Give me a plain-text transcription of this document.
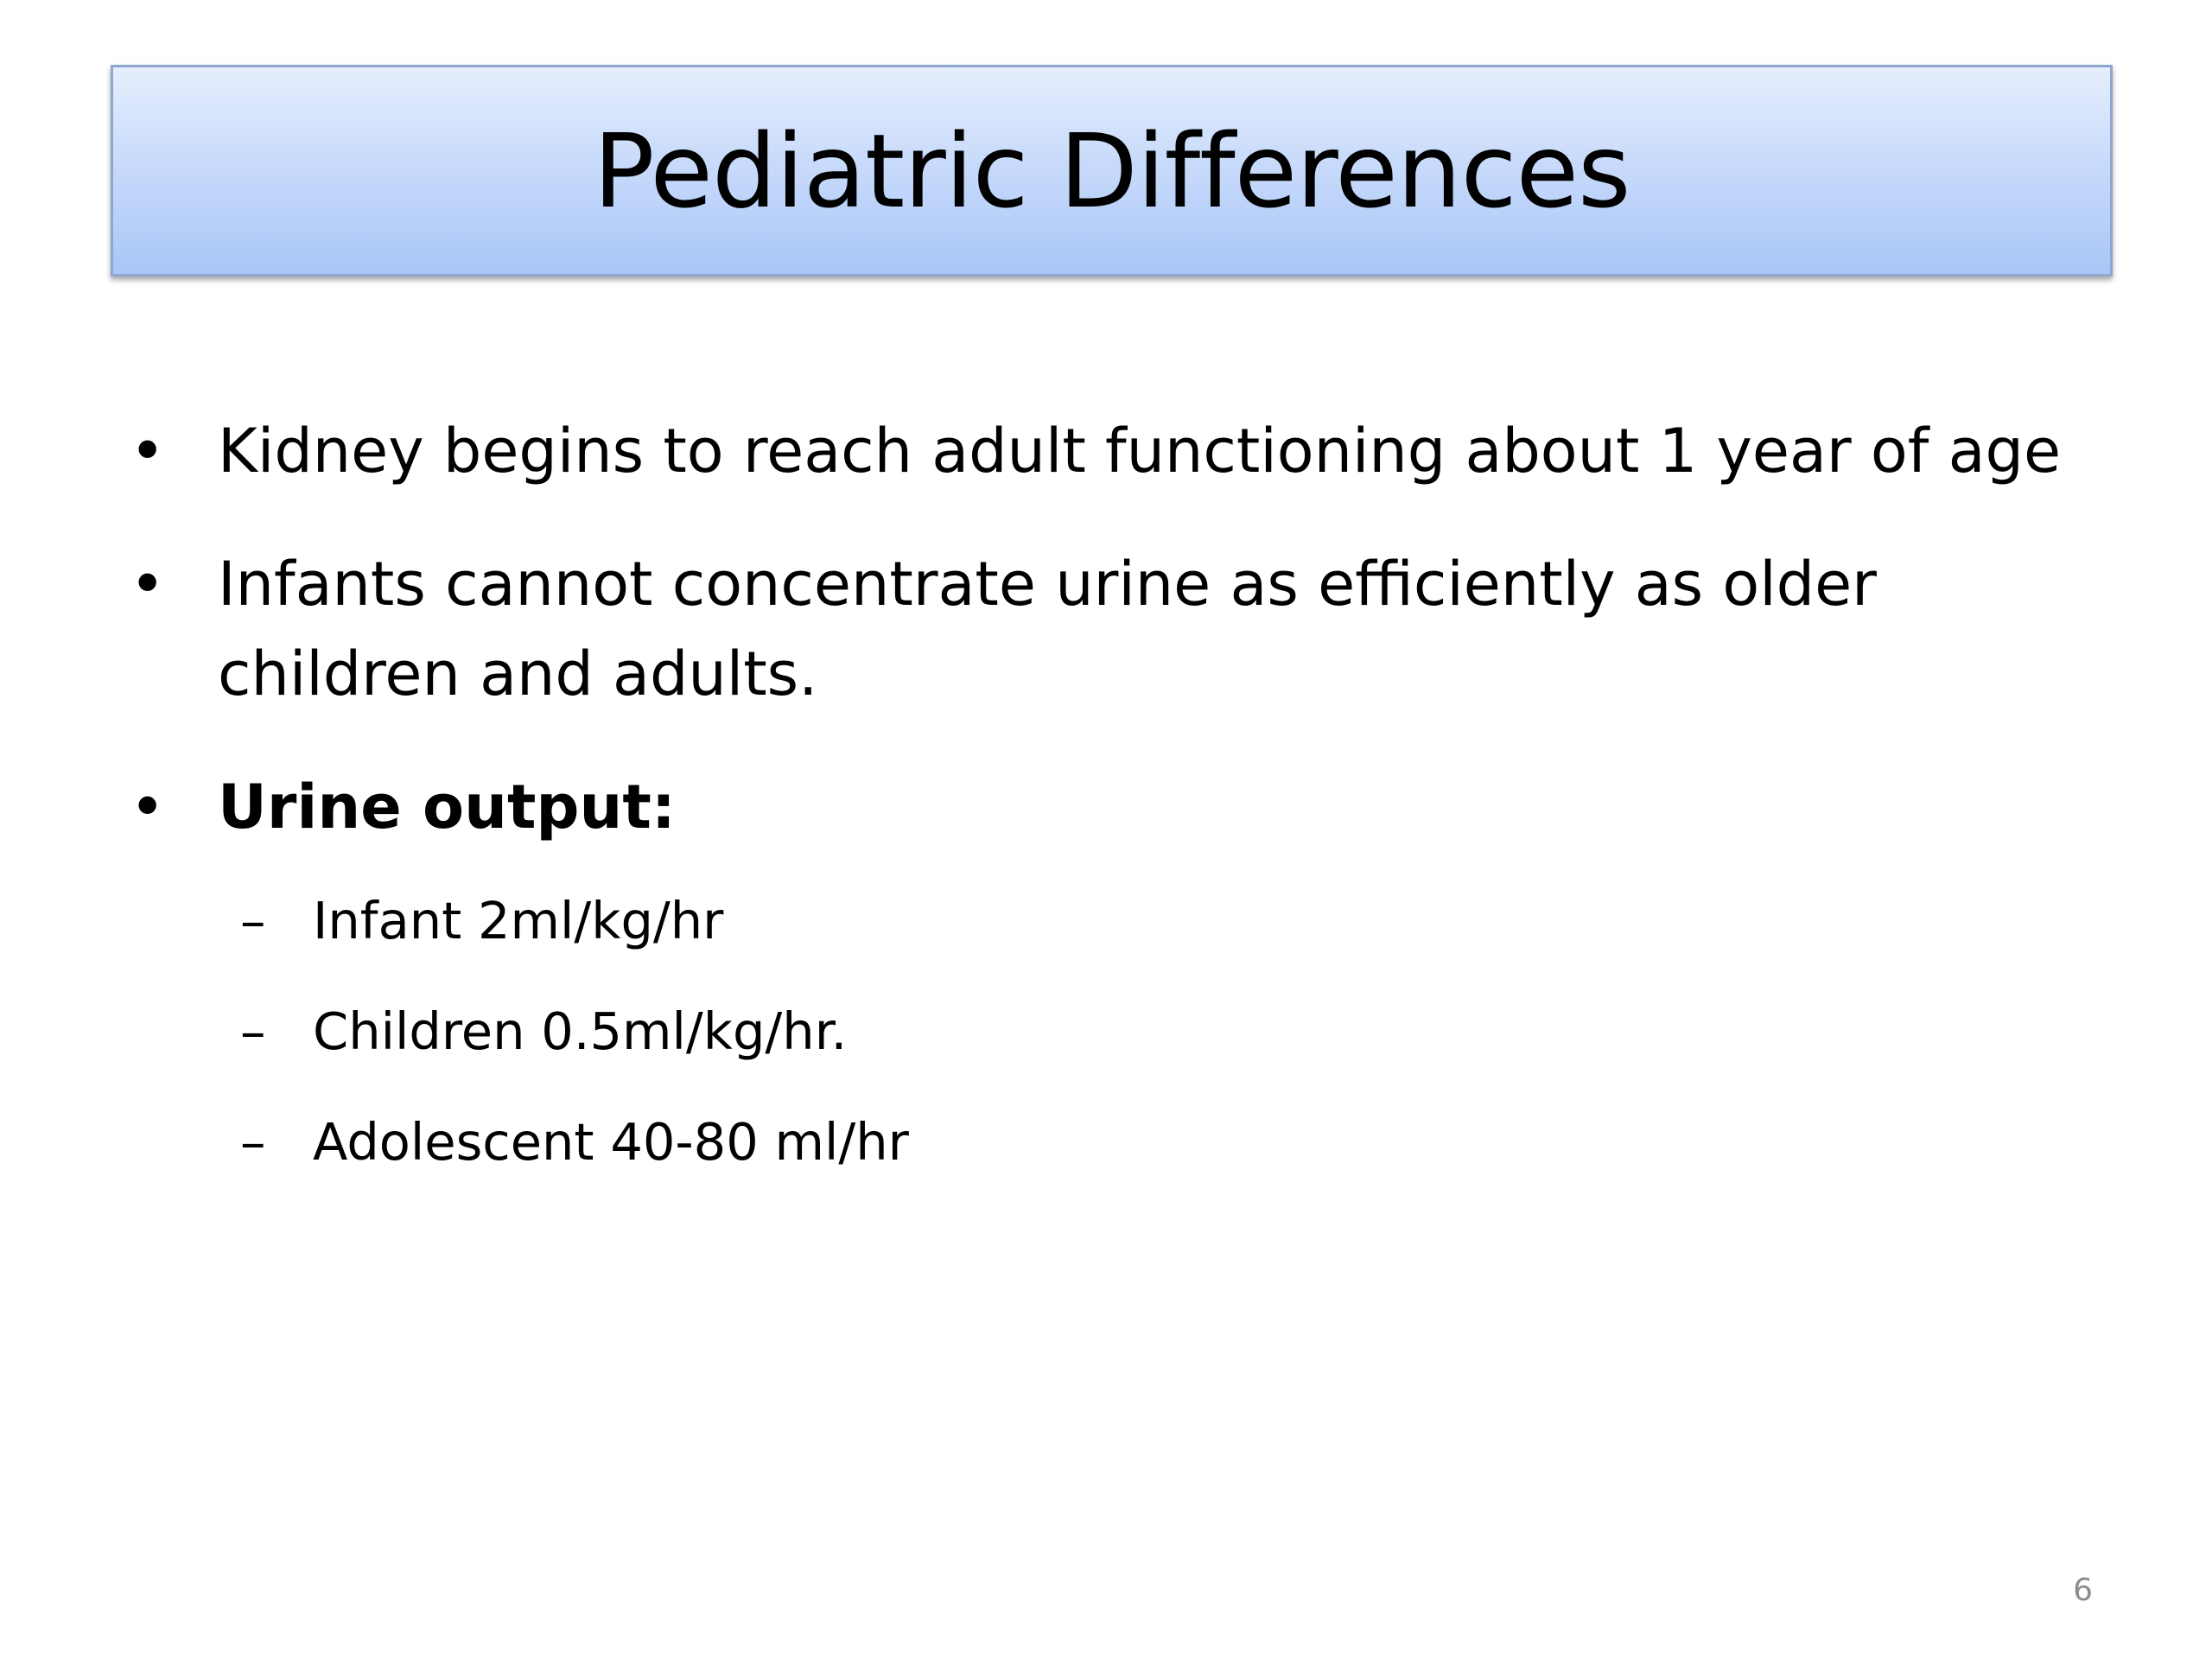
Pediatric Differences
• Kidney begins to reach adult functioning about 1 year of age
• Infants cannot concentrate urine as efficiently as older children and adults.
• Urine output:
– Infant 2ml/kg/hr
– Children 0.5ml/kg/hr.
– Adolescent 40-80 ml/hr
6
